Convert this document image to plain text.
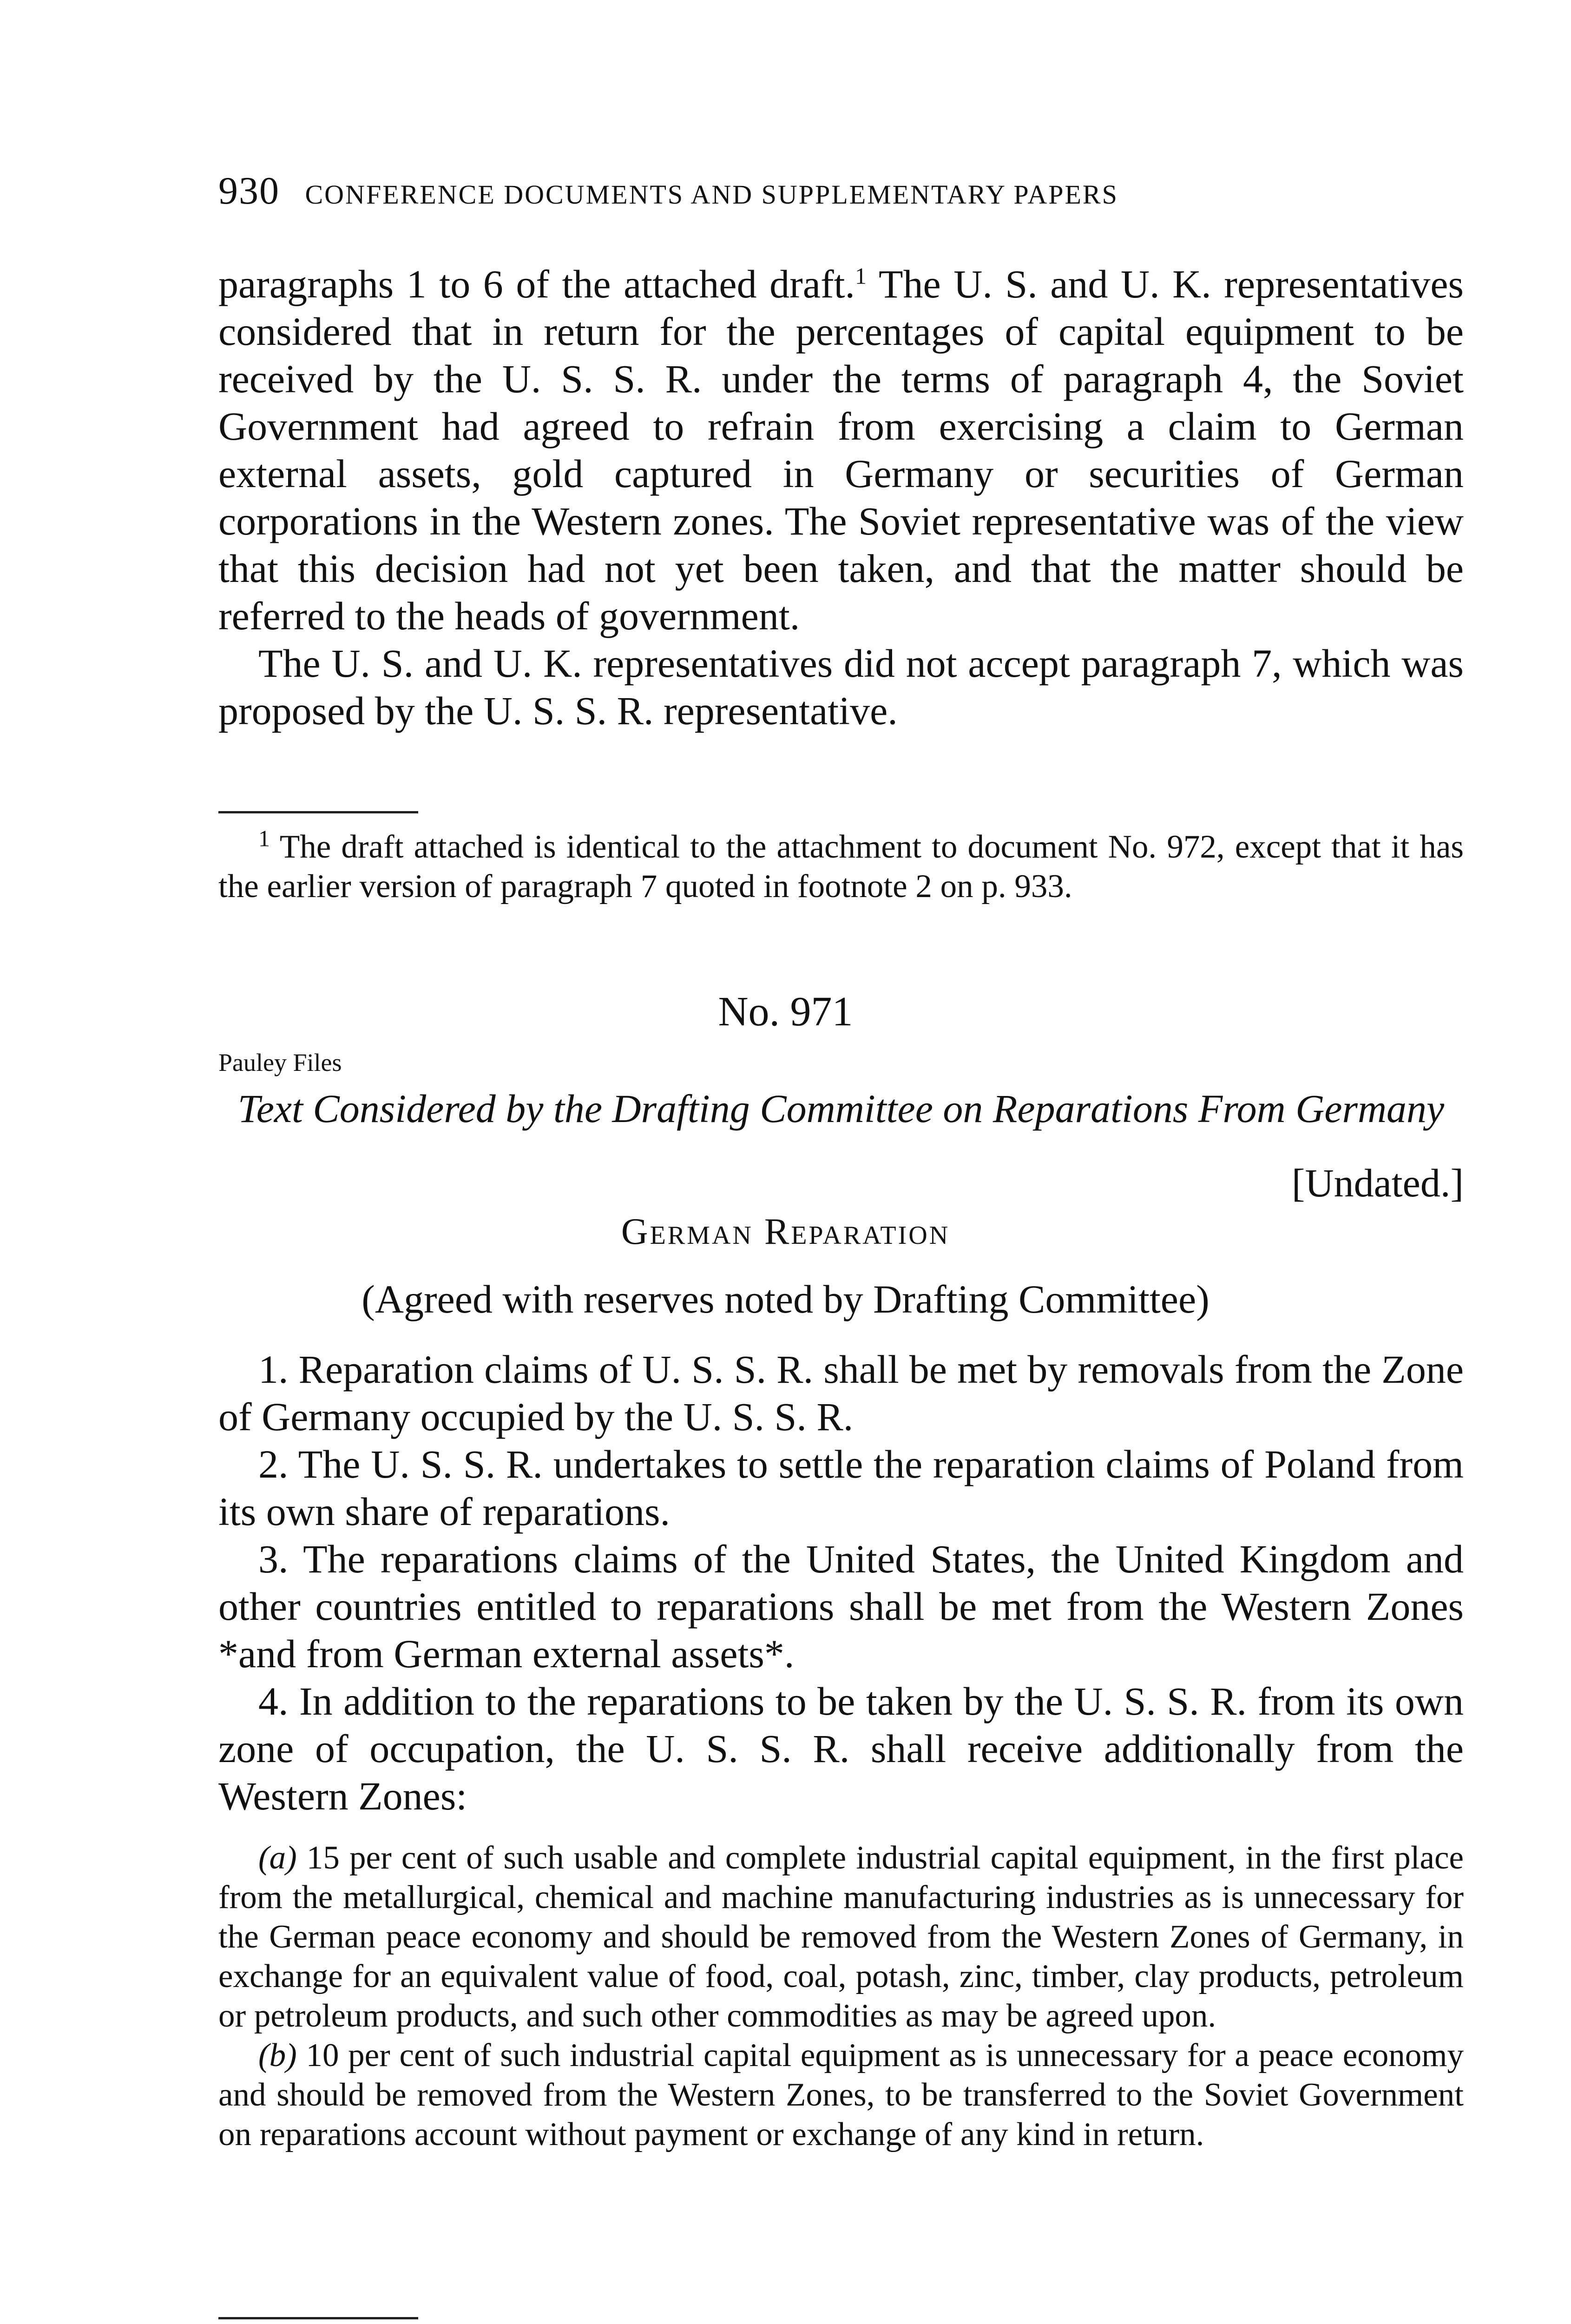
930 CONFERENCE DOCUMENTS AND SUPPLEMENTARY PAPERS

paragraphs 1 to 6 of the attached draft.$^1$ The U. S. and U. K. representatives considered that in return for the percentages of capital equipment to be received by the U. S. S. R. under the terms of paragraph 4, the Soviet Government had agreed to refrain from exercising a claim to German external assets, gold captured in Germany or securities of German corporations in the Western zones. The Soviet representative was of the view that this decision had not yet been taken, and that the matter should be referred to the heads of government.

The U. S. and U. K. representatives did not accept paragraph 7, which was proposed by the U. S. S. R. representative.

$^1$ The draft attached is identical to the attachment to document No. 972, except that it has the earlier version of paragraph 7 quoted in footnote 2 on p. 933.

No. 971
Pauley Files
Text Considered by the Drafting Committee on Reparations From Germany
[Undated.]
German Reparation
(Agreed with reserves noted by Drafting Committee)

1. Reparation claims of U. S. S. R. shall be met by removals from the Zone of Germany occupied by the U. S. S. R.

2. The U. S. S. R. undertakes to settle the reparation claims of Poland from its own share of reparations.

3. The reparations claims of the United States, the United Kingdom and other countries entitled to reparations shall be met from the Western Zones *and from German external assets*.

4. In addition to the reparations to be taken by the U. S. S. R. from its own zone of occupation, the U. S. S. R. shall receive additionally from the Western Zones:

(a) 15 per cent of such usable and complete industrial capital equipment, in the first place from the metallurgical, chemical and machine manufacturing industries as is unnecessary for the German peace economy and should be removed from the Western Zones of Germany, in exchange for an equivalent value of food, coal, potash, zinc, timber, clay products, petroleum or petroleum products, and such other commodities as may be agreed upon.

(b) 10 per cent of such industrial capital equipment as is unnecessary for a peace economy and should be removed from the Western Zones, to be transferred to the Soviet Government on reparations account without payment or exchange of any kind in return.
